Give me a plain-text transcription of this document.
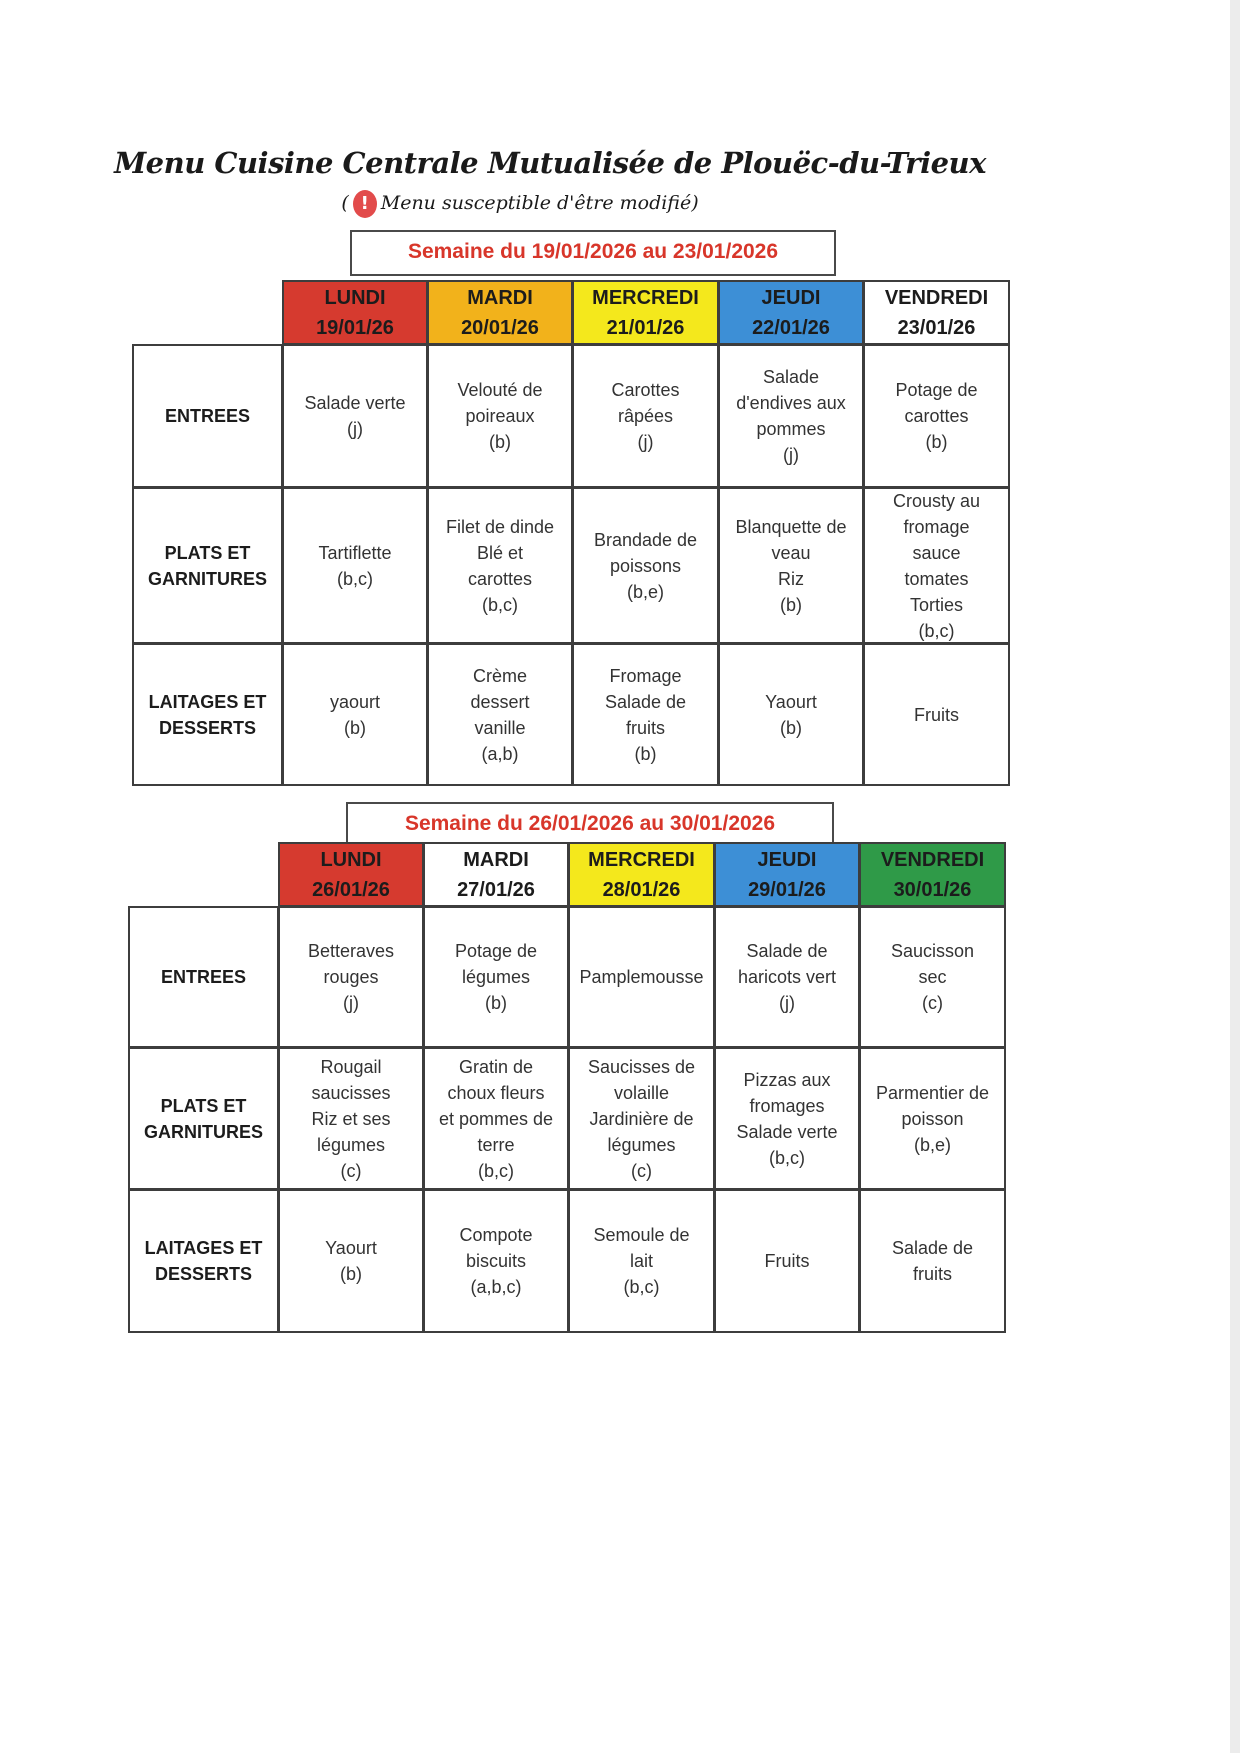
Menu Cuisine Centrale Mutualisée de Plouëc-du-Trieux
( ! Menu susceptible d'être modifié)
Semaine du 19/01/2026 au 23/01/2026
LUNDI
19/01/26
MARDI
20/01/26
MERCREDI
21/01/26
JEUDI
22/01/26
VENDREDI
23/01/26
ENTREES
Salade verte
(j)
Velouté de
poireaux
(b)
Carottes
râpées
(j)
Salade
d'endives aux
pommes
(j)
Potage de
carottes
(b)
PLATS ET
GARNITURES
Tartiflette
(b,c)
Filet de dinde
Blé et
carottes
(b,c)
Brandade de
poissons
(b,e)
Blanquette de
veau
Riz
(b)
Crousty au
fromage
sauce
tomates
Torties
(b,c)
LAITAGES ET
DESSERTS
yaourt
(b)
Crème
dessert
vanille
(a,b)
Fromage
Salade de
fruits
(b)
Yaourt
(b)
Fruits
Semaine du 26/01/2026 au 30/01/2026
LUNDI
26/01/26
MARDI
27/01/26
MERCREDI
28/01/26
JEUDI
29/01/26
VENDREDI
30/01/26
ENTREES
Betteraves
rouges
(j)
Potage de
légumes
(b)
Pamplemousse
Salade de
haricots vert
(j)
Saucisson
sec
(c)
PLATS ET
GARNITURES
Rougail
saucisses
Riz et ses
légumes
(c)
Gratin de
choux fleurs
et pommes de
terre
(b,c)
Saucisses de
volaille
Jardinière de
légumes
(c)
Pizzas aux
fromages
Salade verte
(b,c)
Parmentier de
poisson
(b,e)
LAITAGES ET
DESSERTS
Yaourt
(b)
Compote
biscuits
(a,b,c)
Semoule de
lait
(b,c)
Fruits
Salade de
fruits
